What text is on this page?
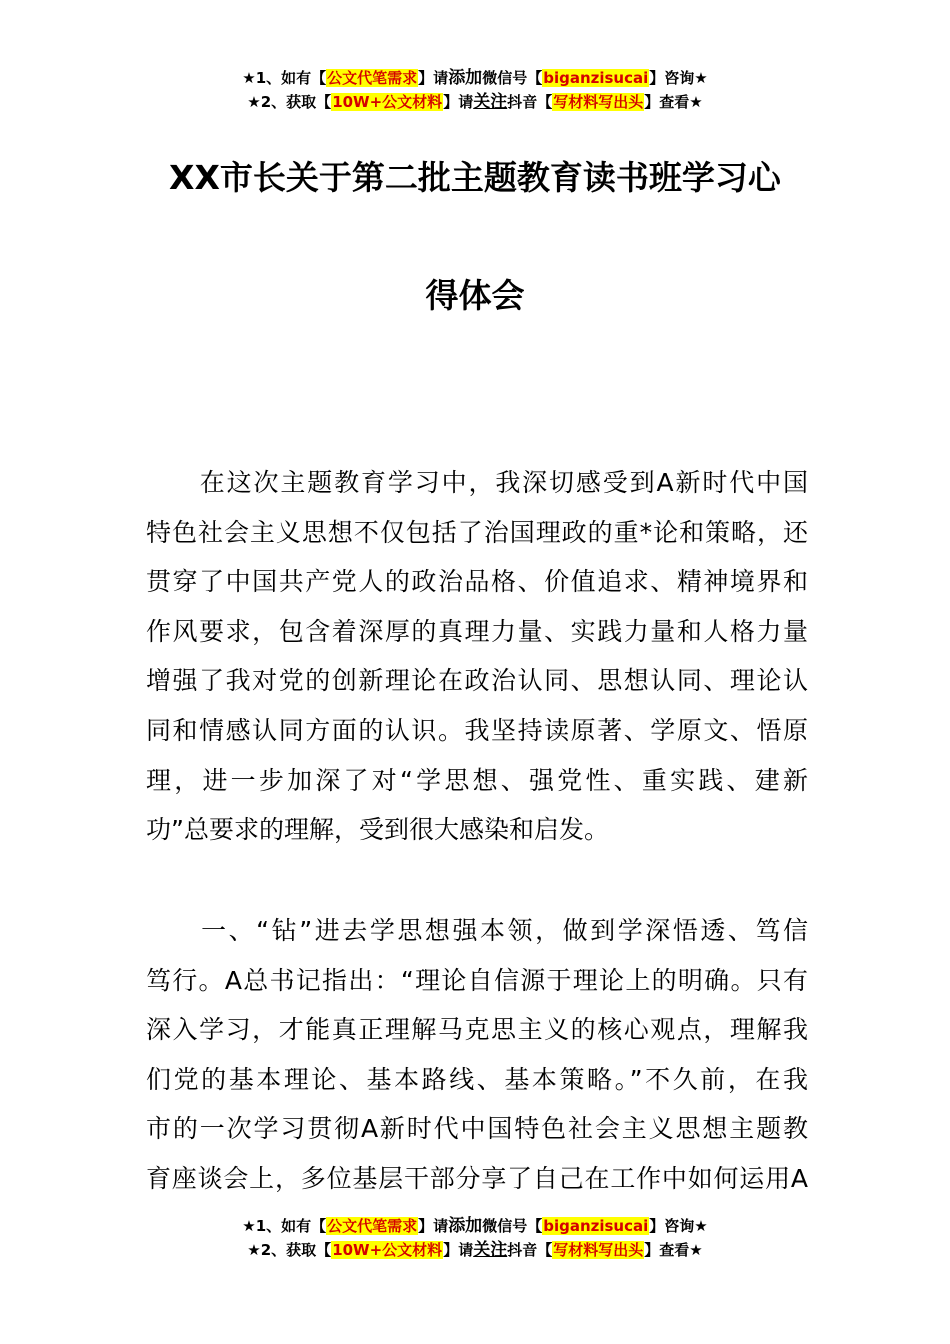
★1、如有【公文代笔需求】请添加微信号【biganzisucai】咨询★
★2、获取【10W+公文材料】请关注抖音【写材料写出头】查看★
XX市长关于第二批主题教育读书班学习心
得体会
　　在这次主题教育学习中，我深切感受到A新时代中国
特色社会主义思想不仅包括了治国理政的重*论和策略，还
贯穿了中国共产党人的政治品格、价值追求、精神境界和
作风要求，包含着深厚的真理力量、实践力量和人格力量
增强了我对党的创新理论在政治认同、思想认同、理论认
同和情感认同方面的认识。我坚持读原著、学原文、悟原
理，进一步加深了对“学思想、强党性、重实践、建新
功”总要求的理解，受到很大感染和启发。
　　一、“钻”进去学思想强本领，做到学深悟透、笃信
笃行。A总书记指出：“理论自信源于理论上的明确。只有
深入学习，才能真正理解马克思主义的核心观点，理解我
们党的基本理论、基本路线、基本策略。”不久前，在我
市的一次学习贯彻A新时代中国特色社会主义思想主题教
育座谈会上，多位基层干部分享了自己在工作中如何运用A
★1、如有【公文代笔需求】请添加微信号【biganzisucai】咨询★
★2、获取【10W+公文材料】请关注抖音【写材料写出头】查看★
